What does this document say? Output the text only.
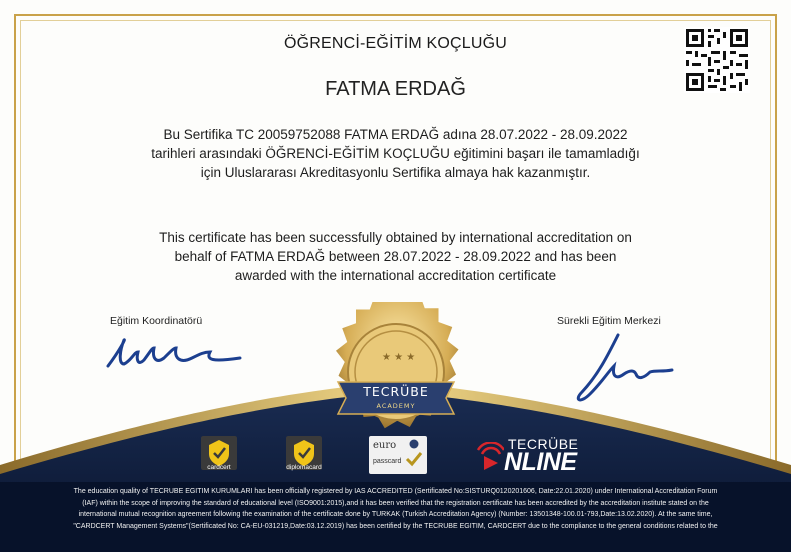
ÖĞRENCİ-EĞİTİM KOÇLUĞU
FATMA ERDAĞ
Bu Sertifika TC 20059752088 FATMA ERDAĞ adına 28.07.2022 - 28.09.2022
tarihleri arasındaki ÖĞRENCİ-EĞİTİM KOÇLUĞU eğitimini başarı ile tamamladığı
için Uluslararası Akreditasyonlu Sertifika almaya hak kazanmıştır.
This certificate has been successfully obtained by international accreditation on
behalf of FATMA ERDAĞ between 28.07.2022 - 28.09.2022 and has been
awarded with the international accreditation certificate
Eğitim Koordinatörü	Sürekli Eğitim Merkezi
★ ★ ★
TECRÜBE
ACADEMY
cardcert	diplomacard
euro
passcard
TECRÜBE
NLINE
The education quality of TECRUBE EGITIM KURUMLARI has been officially registered by IAS ACCREDITED (Sertificated No:SISTURQ0120201606, Date:22.01.2020) under International Accreditation Forum
(IAF) within the scope of improving the standard of educational level (ISO9001:2015),and it has been verified that the registration certificate has been accredited by the accreditation institute stated on the
international mutual recognition agreement following the examination of the certificate done by TURKAK (Turkish Accreditation Agency) (Number: 13501348-100.01-793,Date:13.02.2020). At the same time,
"CARDCERT Management Systems"(Sertificated No: CA-EU-031219,Date:03.12.2019) has been certified by the TECRUBE EGITIM, CARDCERT due to the compliance to the general conditions related to the
